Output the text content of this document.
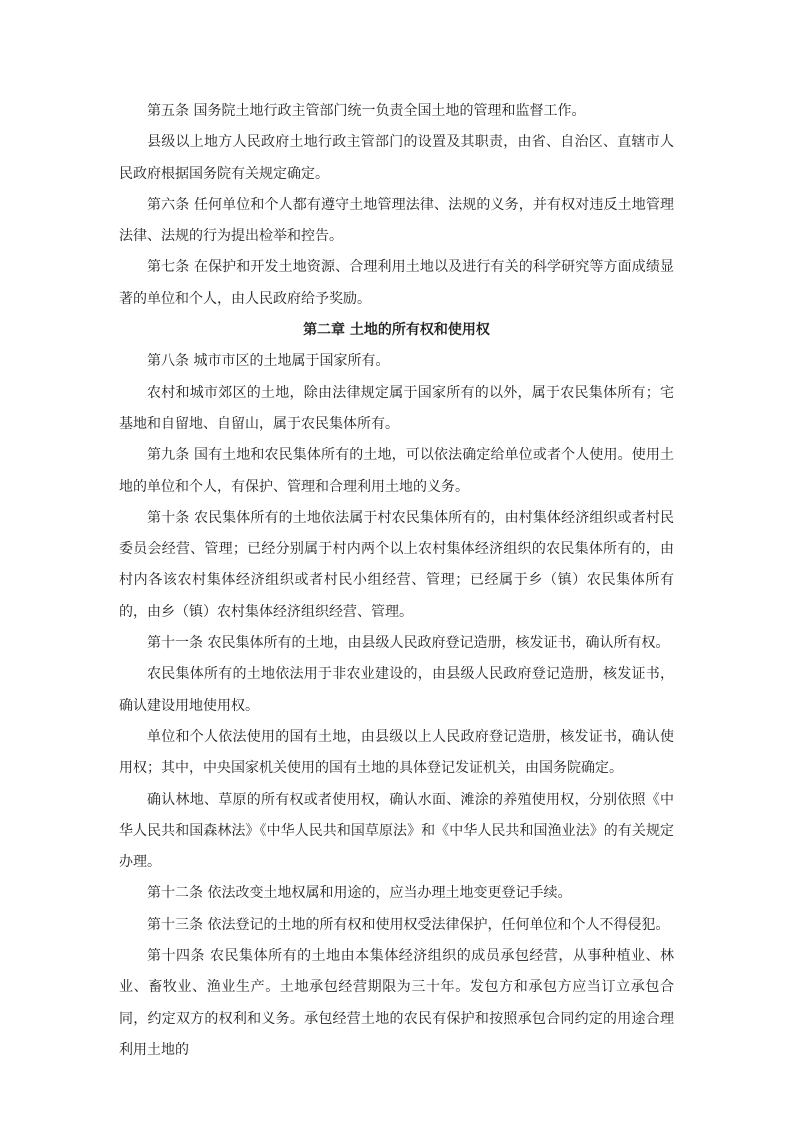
第五条 国务院土地行政主管部门统一负责全国土地的管理和监督工作。

县级以上地方人民政府土地行政主管部门的设置及其职责，由省、自治区、直辖市人民政府根据国务院有关规定确定。

第六条 任何单位和个人都有遵守土地管理法律、法规的义务，并有权对违反土地管理法律、法规的行为提出检举和控告。

第七条 在保护和开发土地资源、合理利用土地以及进行有关的科学研究等方面成绩显著的单位和个人，由人民政府给予奖励。

第二章 土地的所有权和使用权

第八条 城市市区的土地属于国家所有。

农村和城市郊区的土地，除由法律规定属于国家所有的以外，属于农民集体所有；宅基地和自留地、自留山，属于农民集体所有。

第九条 国有土地和农民集体所有的土地，可以依法确定给单位或者个人使用。使用土地的单位和个人，有保护、管理和合理利用土地的义务。

第十条 农民集体所有的土地依法属于村农民集体所有的，由村集体经济组织或者村民委员会经营、管理；已经分别属于村内两个以上农村集体经济组织的农民集体所有的，由村内各该农村集体经济组织或者村民小组经营、管理；已经属于乡（镇）农民集体所有的，由乡（镇）农村集体经济组织经营、管理。

第十一条 农民集体所有的土地，由县级人民政府登记造册，核发证书，确认所有权。

农民集体所有的土地依法用于非农业建设的，由县级人民政府登记造册，核发证书，确认建设用地使用权。

单位和个人依法使用的国有土地，由县级以上人民政府登记造册，核发证书，确认使用权；其中，中央国家机关使用的国有土地的具体登记发证机关，由国务院确定。

确认林地、草原的所有权或者使用权，确认水面、滩涂的养殖使用权，分别依照《中华人民共和国森林法》《中华人民共和国草原法》和《中华人民共和国渔业法》的有关规定办理。

第十二条 依法改变土地权属和用途的，应当办理土地变更登记手续。

第十三条 依法登记的土地的所有权和使用权受法律保护，任何单位和个人不得侵犯。

第十四条 农民集体所有的土地由本集体经济组织的成员承包经营，从事种植业、林业、畜牧业、渔业生产。土地承包经营期限为三十年。发包方和承包方应当订立承包合同，约定双方的权利和义务。承包经营土地的农民有保护和按照承包合同约定的用途合理利用土地的
